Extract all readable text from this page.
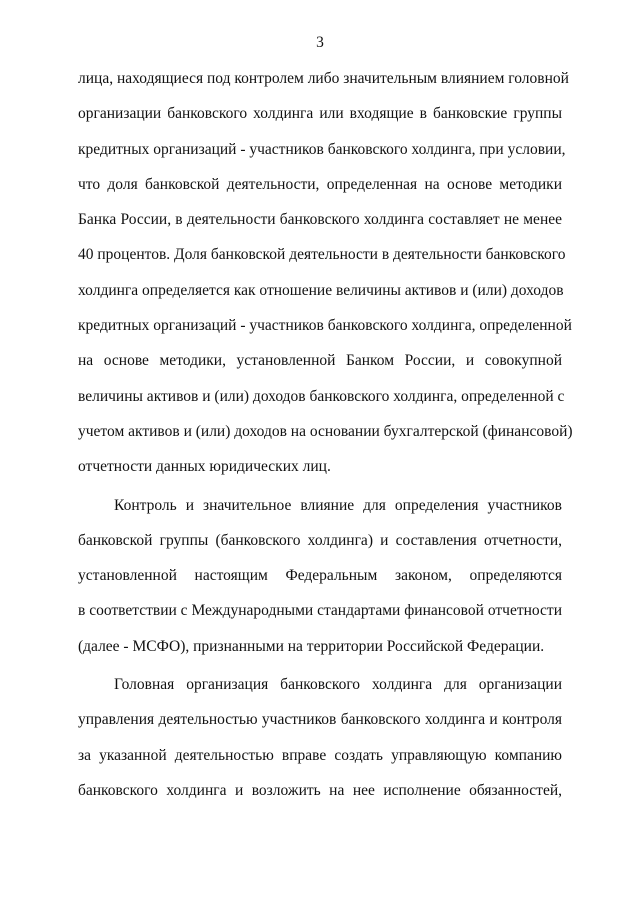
3
лица, находящиеся под контролем либо значительным влиянием головной
организации банковского холдинга или входящие в банковские группы
кредитных организаций - участников банковского холдинга, при условии,
что доля банковской деятельности, определенная на основе методики
Банка России, в деятельности банковского холдинга составляет не менее
40 процентов. Доля банковской деятельности в деятельности банковского
холдинга определяется как отношение величины активов и (или) доходов
кредитных организаций - участников банковского холдинга, определенной
на основе методики, установленной Банком России, и совокупной
величины активов и (или) доходов банковского холдинга, определенной с
учетом активов и (или) доходов на основании бухгалтерской (финансовой)
отчетности данных юридических лиц.
Контроль и значительное влияние для определения участников
банковской группы (банковского холдинга) и составления отчетности,
установленной настоящим Федеральным законом, определяются
в соответствии с Международными стандартами финансовой отчетности
(далее - МСФО), признанными на территории Российской Федерации.
Головная организация банковского холдинга для организации
управления деятельностью участников банковского холдинга и контроля
за указанной деятельностью вправе создать управляющую компанию
банковского холдинга и возложить на нее исполнение обязанностей,
